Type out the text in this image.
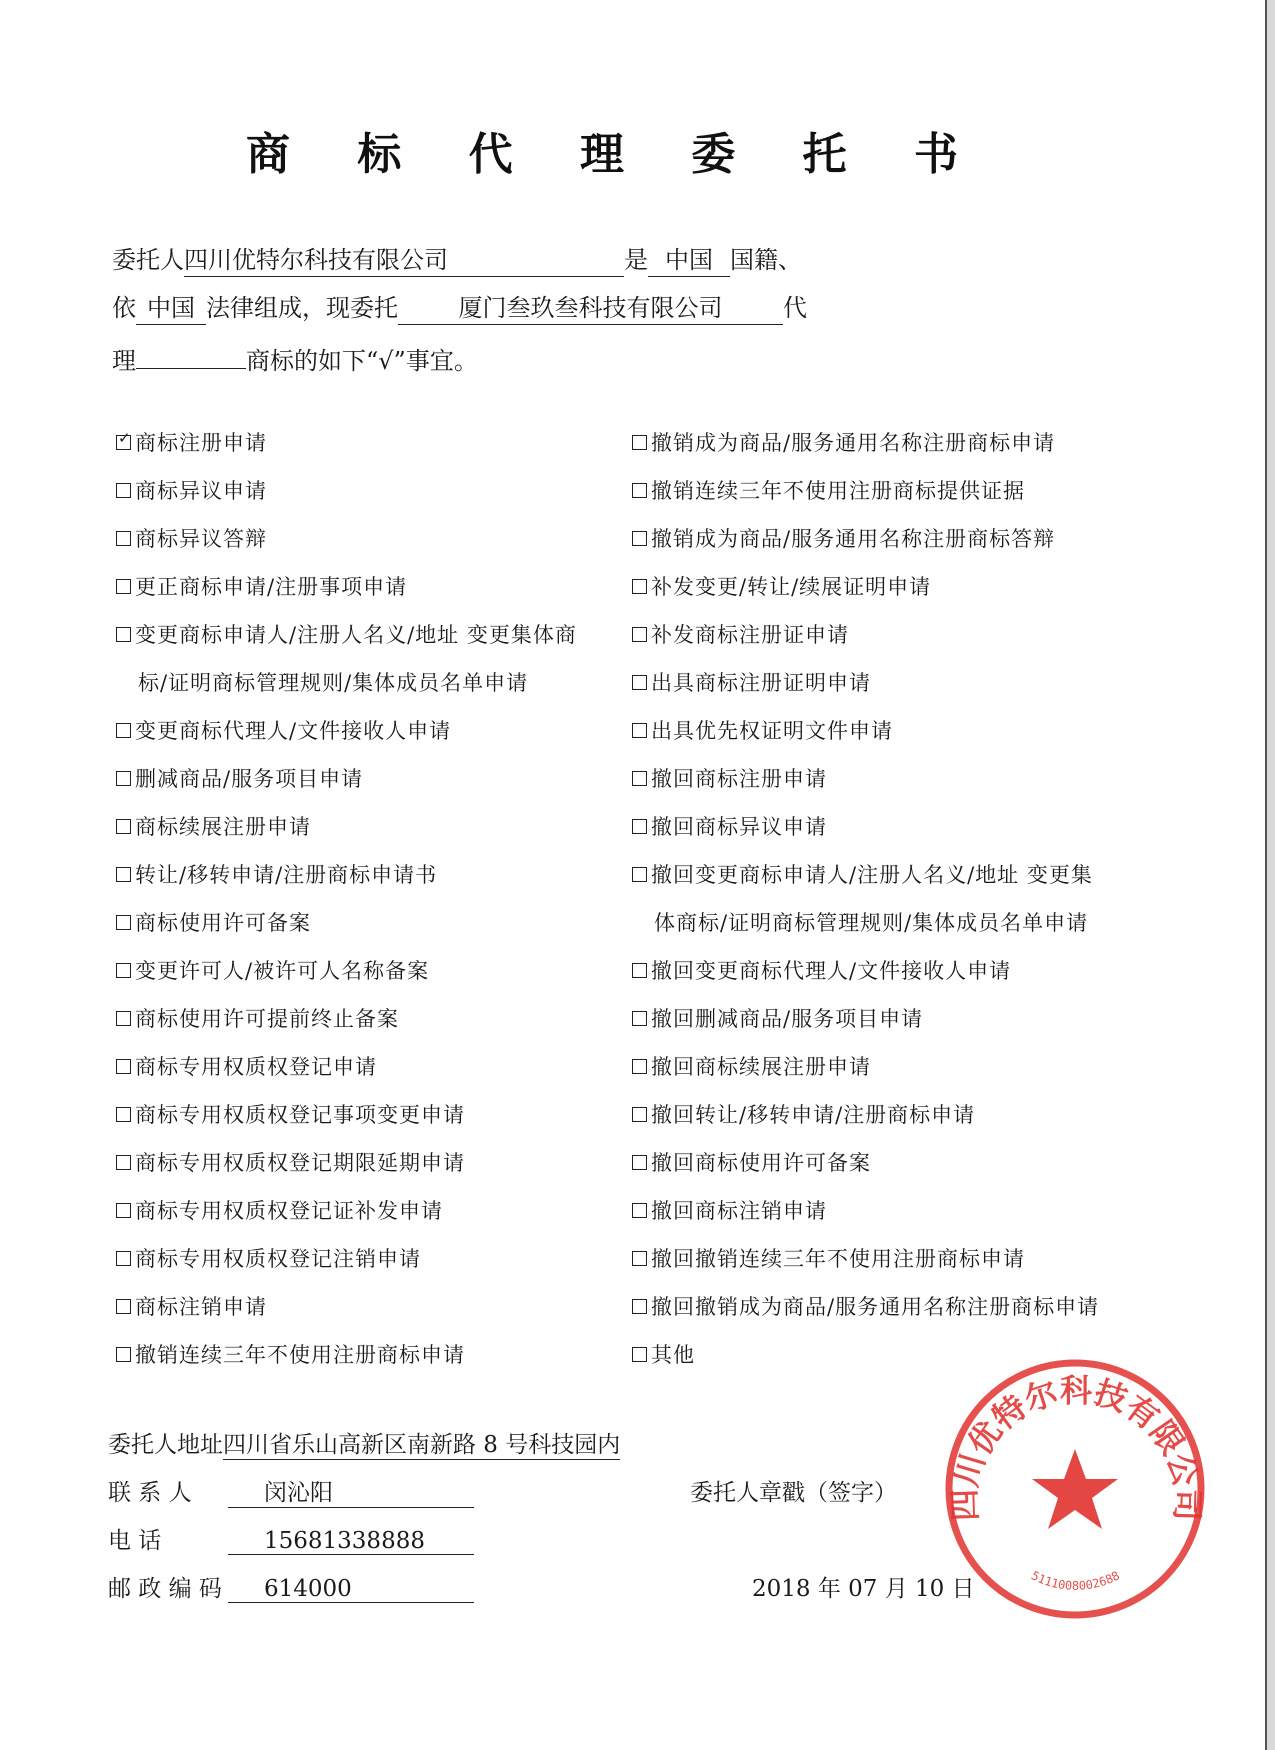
商 标 代 理 委 托 书
委托人四川优特尔科技有限公司	是 中国 国籍、
依 中国 法律组成，现委托	厦门叁玖叁科技有限公司	代
理	商标的如下“√”事宜。
✓ 商标注册申请
商标异议申请
商标异议答辩
更正商标申请/注册事项申请
变更商标申请人/注册人名义/地址 变更集体商
标/证明商标管理规则/集体成员名单申请
变更商标代理人/文件接收人申请
删减商品/服务项目申请
商标续展注册申请
转让/移转申请/注册商标申请书
商标使用许可备案
变更许可人/被许可人名称备案
商标使用许可提前终止备案
商标专用权质权登记申请
商标专用权质权登记事项变更申请
商标专用权质权登记期限延期申请
商标专用权质权登记证补发申请
商标专用权质权登记注销申请
商标注销申请
撤销连续三年不使用注册商标申请
撤销成为商品/服务通用名称注册商标申请
撤销连续三年不使用注册商标提供证据
撤销成为商品/服务通用名称注册商标答辩
补发变更/转让/续展证明申请
补发商标注册证申请
出具商标注册证明申请
出具优先权证明文件申请
撤回商标注册申请
撤回商标异议申请
撤回变更商标申请人/注册人名义/地址 变更集
体商标/证明商标管理规则/集体成员名单申请
撤回变更商标代理人/文件接收人申请
撤回删减商品/服务项目申请
撤回商标续展注册申请
撤回转让/移转申请/注册商标申请
撤回商标使用许可备案
撤回商标注销申请
撤回撤销连续三年不使用注册商标申请
撤回撤销成为商品/服务通用名称注册商标申请
其他
委托人地址四川省乐山高新区南新路 8 号科技园内
联 系 人	闵沁阳
电 话	15681338888
邮 政 编 码 614000
委托人章戳（签字）
2018 年 07 月 10 日
四川优特尔科技有限公司
5111008002688
